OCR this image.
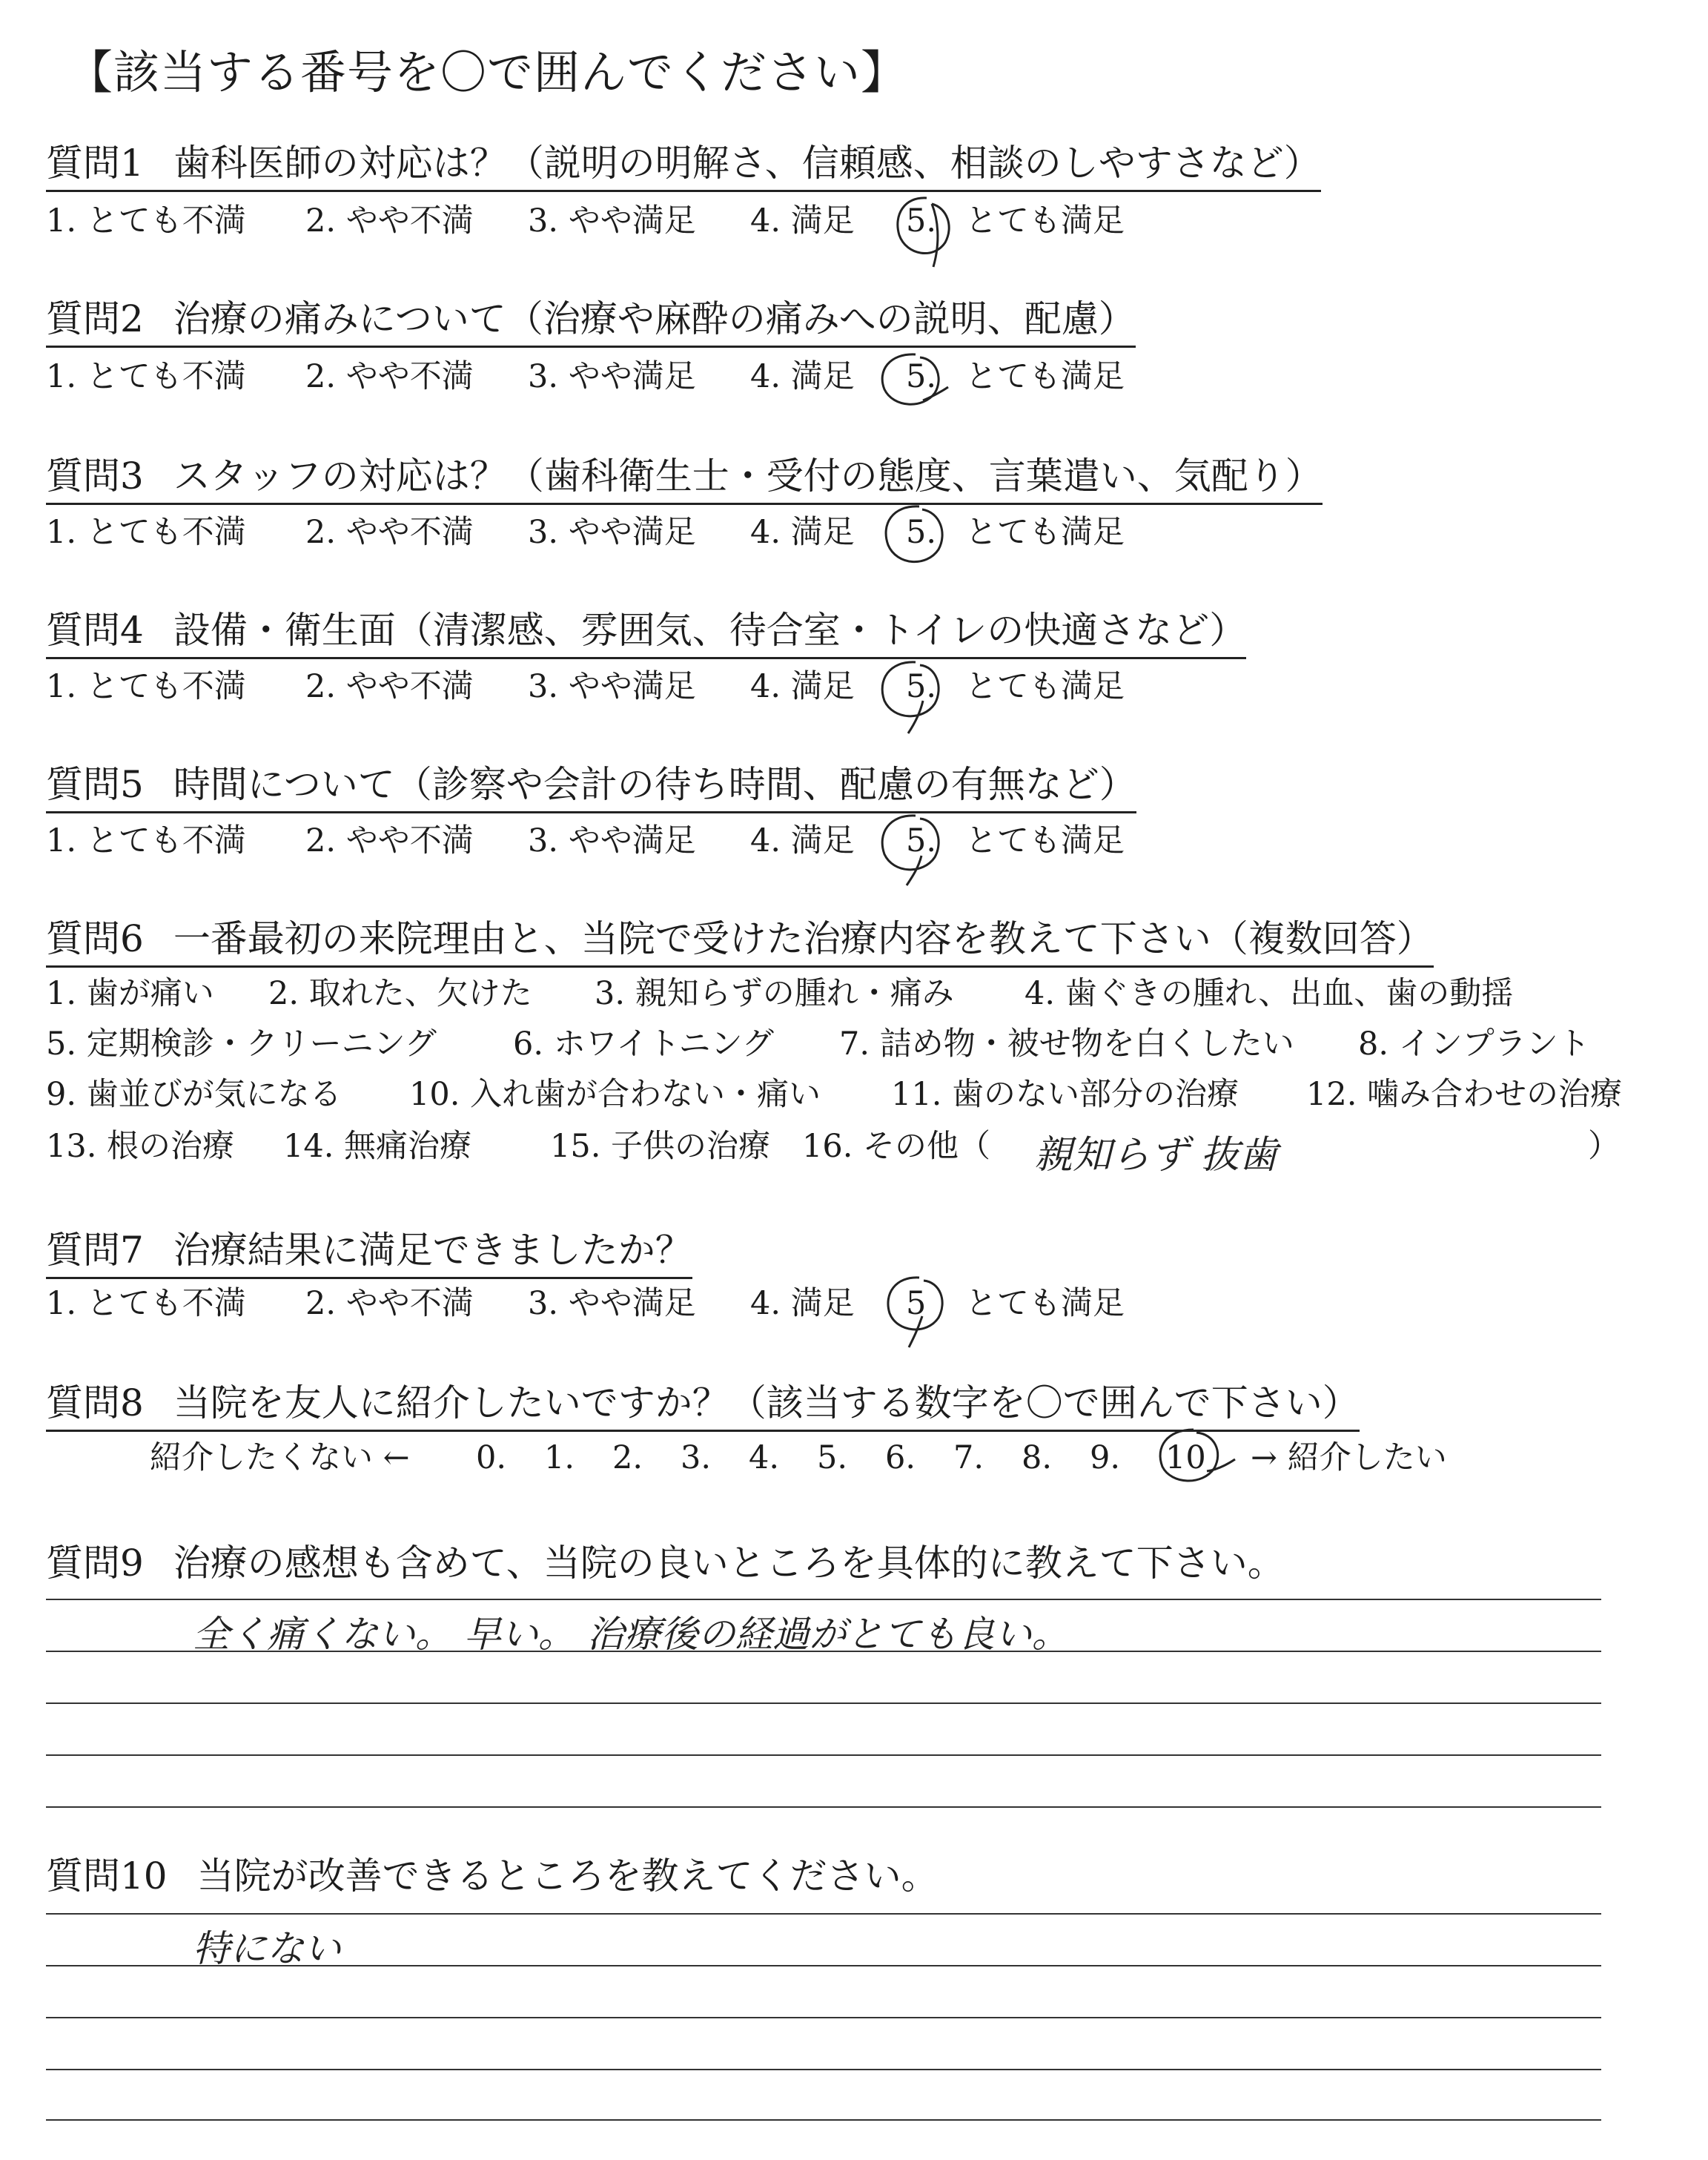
【該当する番号を〇で囲んでください】
質問1 歯科医師の対応は？（説明の明解さ、信頼感、相談のしやすさなど）
1. とても不満 2. やや不満 3. やや満足 4. 満足 5. とても満足
質問2 治療の痛みについて（治療や麻酔の痛みへの説明、配慮）
1. とても不満 2. やや不満 3. やや満足 4. 満足 5. とても満足
質問3 スタッフの対応は？（歯科衛生士・受付の態度、言葉遣い、気配り）
1. とても不満 2. やや不満 3. やや満足 4. 満足 5. とても満足
質問4 設備・衛生面（清潔感、雰囲気、待合室・トイレの快適さなど）
1. とても不満 2. やや不満 3. やや満足 4. 満足 5. とても満足
質問5 時間について（診察や会計の待ち時間、配慮の有無など）
1. とても不満 2. やや不満 3. やや満足 4. 満足 5. とても満足
質問6 一番最初の来院理由と、当院で受けた治療内容を教えて下さい（複数回答）
1. 歯が痛い 2. 取れた、欠けた 3. 親知らずの腫れ・痛み 4. 歯ぐきの腫れ、出血、歯の動揺
5. 定期検診・クリーニング 6. ホワイトニング 7. 詰め物・被せ物を白くしたい 8. インプラント
9. 歯並びが気になる 10. 入れ歯が合わない・痛い 11. 歯のない部分の治療 12. 噛み合わせの治療
13. 根の治療 14. 無痛治療 15. 子供の治療 16. その他（	）
親知らず 抜歯
質問7 治療結果に満足できましたか？
1. とても不満 2. やや不満 3. やや満足 4. 満足 5 とても満足
質問8 当院を友人に紹介したいですか？（該当する数字を〇で囲んで下さい）
紹介したくない ← 0. 1. 2. 3. 4. 5. 6. 7. 8. 9. 10 → 紹介したい
質問9 治療の感想も含めて、当院の良いところを具体的に教えて下さい。
全く痛くない。 早い。 治療後の経過がとても良い。
質問10 当院が改善できるところを教えてください。
特にない
